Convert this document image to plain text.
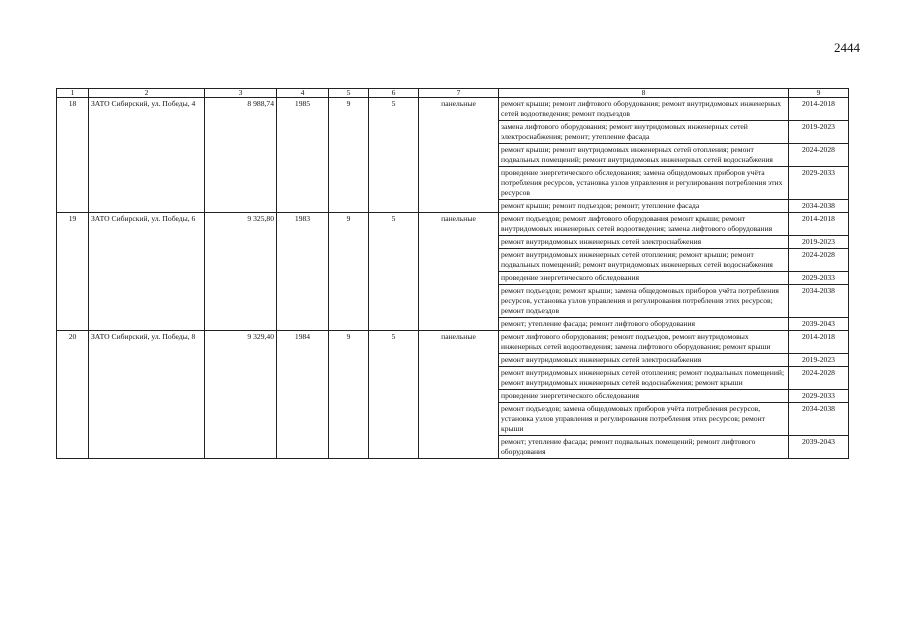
2444
1	2	3	4	5	6	7	8	9
18	ЗАТО Сибирский, ул. Победы, 4	8 988,74	1985	9	5	панельные	ремонт крыши; ремонт лифтового оборудования; ремонт внутридомовых инженерных сетей водоотведения; ремонт подъездов	2014-2018
							замена лифтового оборудования; ремонт внутридомовых инженерных сетей электроснабжения; ремонт; утепление фасада	2019-2023
							ремонт крыши; ремонт внутридомовых инженерных сетей отопления; ремонт подвальных помещений; ремонт внутридомовых инженерных сетей водоснабжения	2024-2028
							проведение энергетического обследования; замена общедомовых приборов учёта потребления ресурсов, установка узлов управления и регулирования потребления этих ресурсов	2029-2033
							ремонт крыши; ремонт подъездов; ремонт; утепление фасада	2034-2038
19	ЗАТО Сибирский, ул. Победы, 6	9 325,80	1983	9	5	панельные	ремонт подъездов; ремонт лифтового оборудования ремонт крыши; ремонт внутридомовых инженерных сетей водоотведения; замена лифтового оборудования	2014-2018
							ремонт внутридомовых инженерных сетей электроснабжения	2019-2023
							ремонт внутридомовых инженерных сетей отопления; ремонт крыши; ремонт подвальных помещений; ремонт внутридомовых инженерных сетей водоснабжения	2024-2028
							проведение энергетического обследования	2029-2033
							ремонт подъездов; ремонт крыши; замена общедомовых приборов учёта потребления ресурсов, установка узлов управления и регулирования потребления этих ресурсов; ремонт подъездов	2034-2038
							ремонт; утепление фасада; ремонт лифтового оборудования	2039-2043
20	ЗАТО Сибирский, ул. Победы, 8	9 329,40	1984	9	5	панельные	ремонт лифтового оборудования; ремонт подъездов, ремонт внутридомовых инженерных сетей водоотведения; замена лифтового оборудования; ремонт крыши	2014-2018
							ремонт внутридомовых инженерных сетей электроснабжения	2019-2023
							ремонт внутридомовых инженерных сетей отопления; ремонт подвальных помещений; ремонт внутридомовых инженерных сетей водоснабжения; ремонт крыши	2024-2028
							проведение энергетического обследования	2029-2033
							ремонт подъездов; замена общедомовых приборов учёта потребления ресурсов, установка узлов управления и регулирования потребления этих ресурсов; ремонт крыши	2034-2038
							ремонт; утепление фасада; ремонт подвальных помещений; ремонт лифтового оборудования	2039-2043
